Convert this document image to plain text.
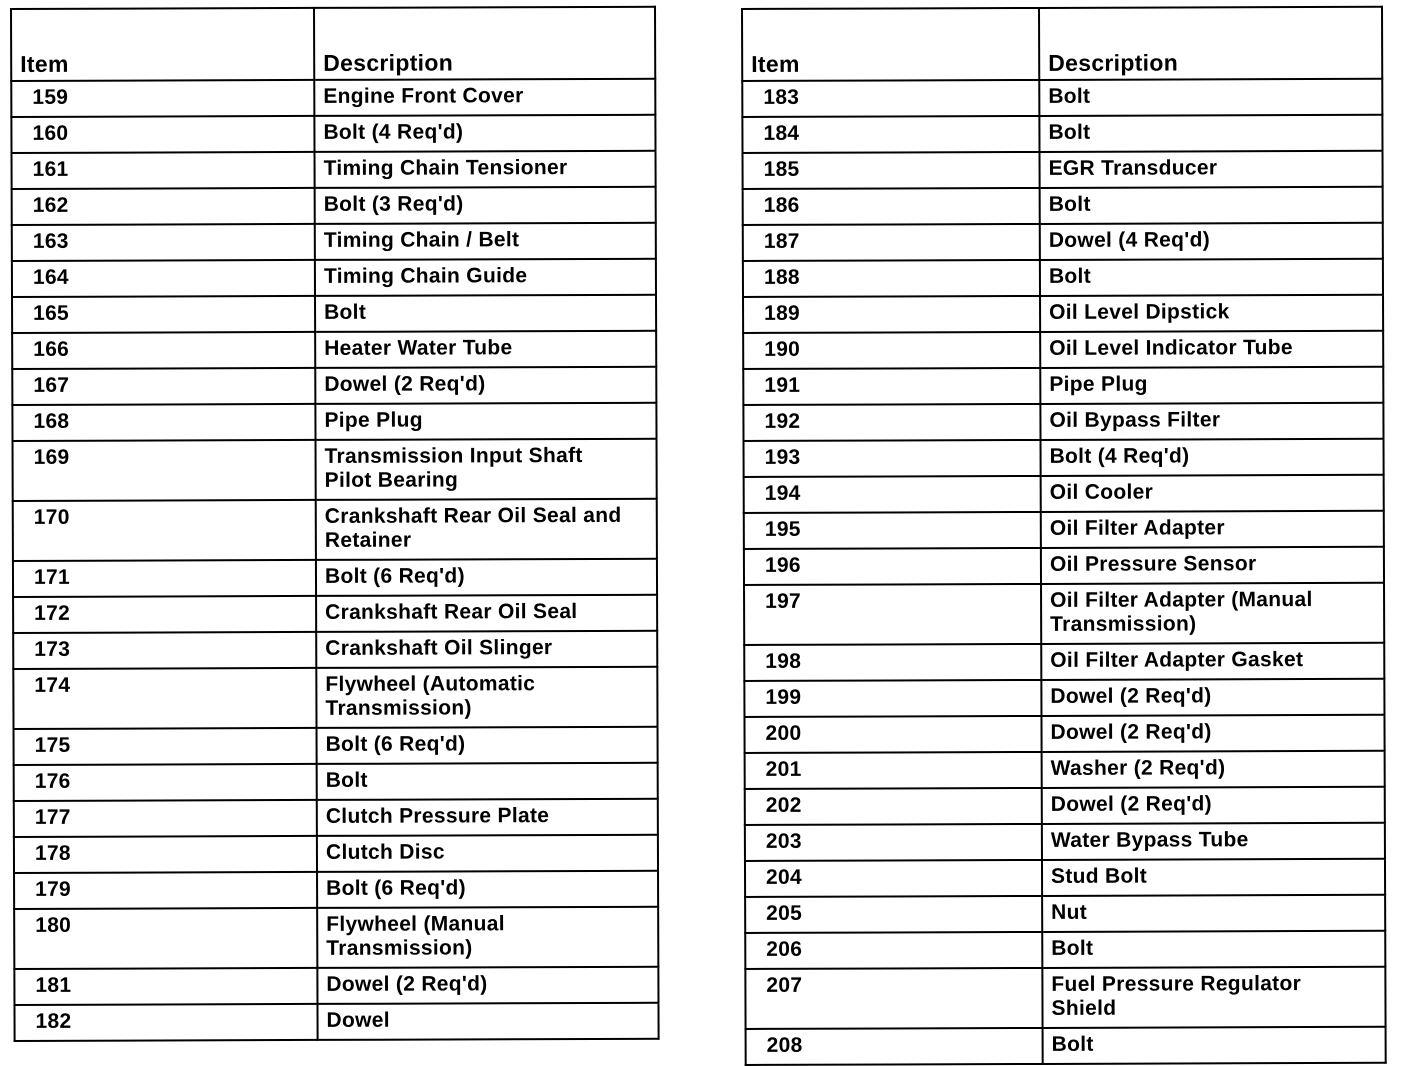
Item	Description
159	Engine Front Cover
160	Bolt (4 Req'd)
161	Timing Chain Tensioner
162	Bolt (3 Req'd)
163	Timing Chain / Belt
164	Timing Chain Guide
165	Bolt
166	Heater Water Tube
167	Dowel (2 Req'd)
168	Pipe Plug
169	Transmission Input Shaft
Pilot Bearing
170	Crankshaft Rear Oil Seal and
Retainer
171	Bolt (6 Req'd)
172	Crankshaft Rear Oil Seal
173	Crankshaft Oil Slinger
174	Flywheel (Automatic
Transmission)
175	Bolt (6 Req'd)
176	Bolt
177	Clutch Pressure Plate
178	Clutch Disc
179	Bolt (6 Req'd)
180	Flywheel (Manual
Transmission)
181	Dowel (2 Req'd)
182	Dowel
Item	Description
183	Bolt
184	Bolt
185	EGR Transducer
186	Bolt
187	Dowel (4 Req'd)
188	Bolt
189	Oil Level Dipstick
190	Oil Level Indicator Tube
191	Pipe Plug
192	Oil Bypass Filter
193	Bolt (4 Req'd)
194	Oil Cooler
195	Oil Filter Adapter
196	Oil Pressure Sensor
197	Oil Filter Adapter (Manual
Transmission)
198	Oil Filter Adapter Gasket
199	Dowel (2 Req'd)
200	Dowel (2 Req'd)
201	Washer (2 Req'd)
202	Dowel (2 Req'd)
203	Water Bypass Tube
204	Stud Bolt
205	Nut
206	Bolt
207	Fuel Pressure Regulator
Shield
208	Bolt
